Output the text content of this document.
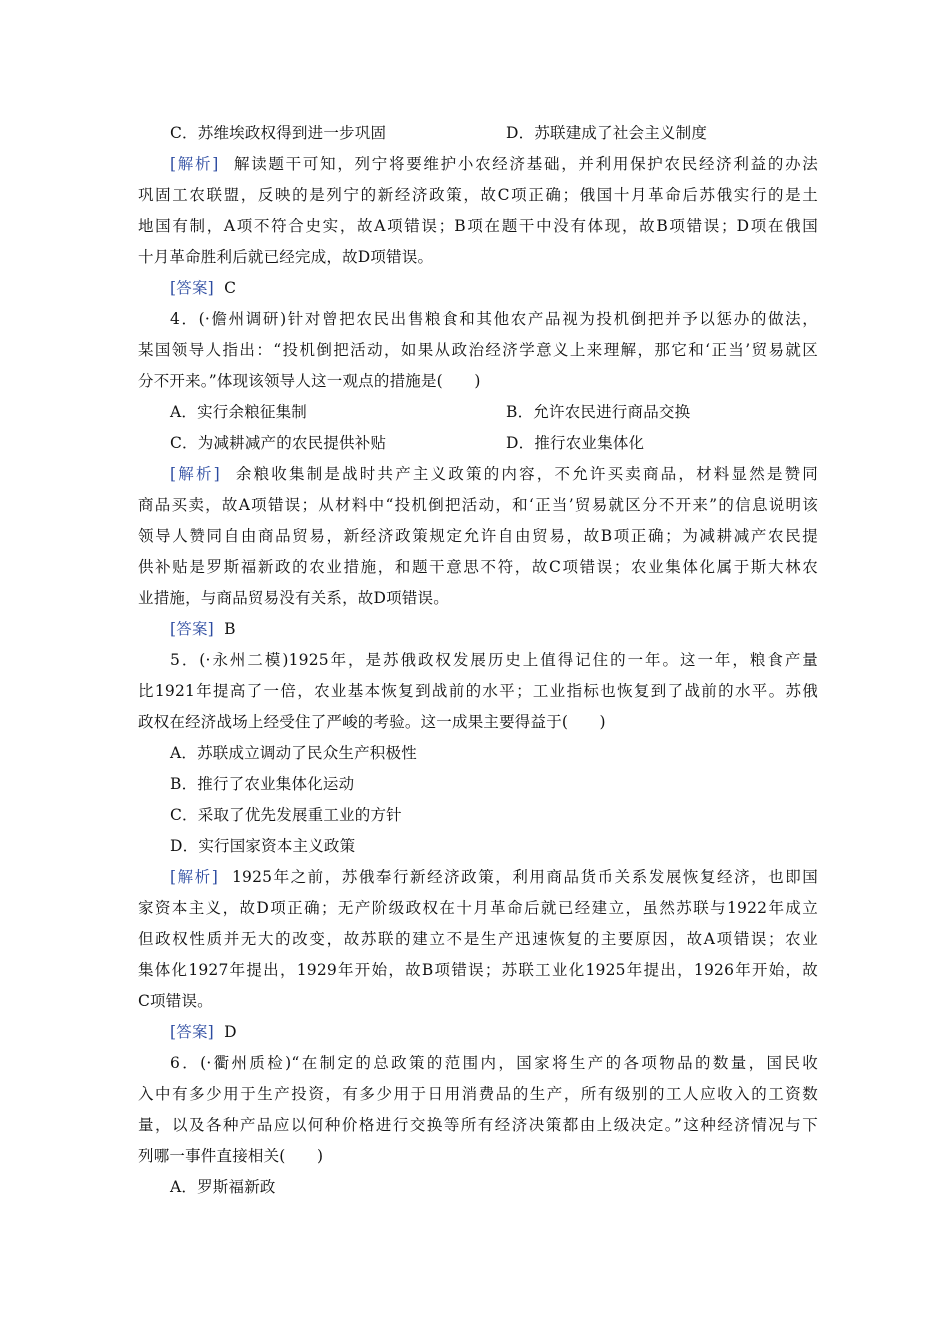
C．苏维埃政权得到进一步巩固	D．苏联建成了社会主义制度
[解析] 解读题干可知，列宁将要维护小农经济基础，并利用保护农民经济利益的办法
巩固工农联盟，反映的是列宁的新经济政策，故C项正确；俄国十月革命后苏俄实行的是土
地国有制，A项不符合史实，故A项错误；B项在题干中没有体现，故B项错误；D项在俄国
十月革命胜利后就已经完成，故D项错误。
[答案] C
4．(·儋州调研)针对曾把农民出售粮食和其他农产品视为投机倒把并予以惩办的做法，
某国领导人指出：“投机倒把活动，如果从政治经济学意义上来理解，那它和‘正当’贸易就区
分不开来。”体现该领导人这一观点的措施是(　　)
A．实行余粮征集制	B．允许农民进行商品交换
C．为减耕减产的农民提供补贴	D．推行农业集体化
[解析] 余粮收集制是战时共产主义政策的内容，不允许买卖商品，材料显然是赞同
商品买卖，故A项错误；从材料中“投机倒把活动，和‘正当’贸易就区分不开来”的信息说明该
领导人赞同自由商品贸易，新经济政策规定允许自由贸易，故B项正确；为减耕减产农民提
供补贴是罗斯福新政的农业措施，和题干意思不符，故C项错误；农业集体化属于斯大林农
业措施，与商品贸易没有关系，故D项错误。
[答案] B
5．(·永州二模)1925年，是苏俄政权发展历史上值得记住的一年。这一年，粮食产量
比1921年提高了一倍，农业基本恢复到战前的水平；工业指标也恢复到了战前的水平。苏俄
政权在经济战场上经受住了严峻的考验。这一成果主要得益于(　　)
A．苏联成立调动了民众生产积极性
B．推行了农业集体化运动
C．采取了优先发展重工业的方针
D．实行国家资本主义政策
[解析] 1925年之前，苏俄奉行新经济政策，利用商品货币关系发展恢复经济，也即国
家资本主义，故D项正确；无产阶级政权在十月革命后就已经建立，虽然苏联与1922年成立
但政权性质并无大的改变，故苏联的建立不是生产迅速恢复的主要原因，故A项错误；农业
集体化1927年提出，1929年开始，故B项错误；苏联工业化1925年提出，1926年开始，故
C项错误。
[答案] D
6．(·衢州质检)“在制定的总政策的范围内，国家将生产的各项物品的数量，国民收
入中有多少用于生产投资，有多少用于日用消费品的生产，所有级别的工人应收入的工资数
量，以及各种产品应以何种价格进行交换等所有经济决策都由上级决定。”这种经济情况与下
列哪一事件直接相关(　　)
A．罗斯福新政
